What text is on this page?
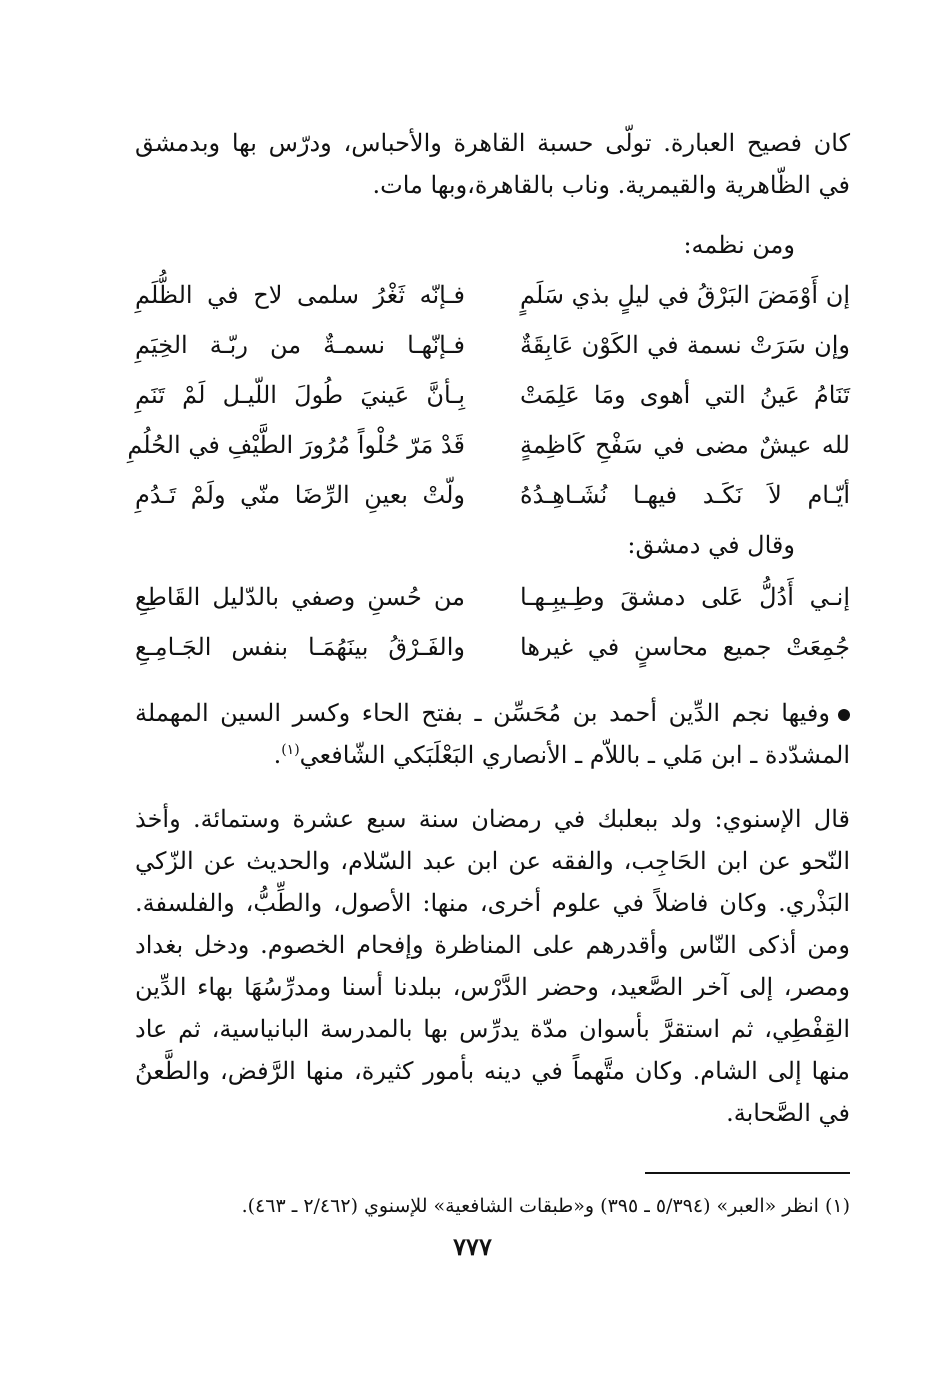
كان فصيح العبارة. تولّى حسبة القاهرة والأحباس، ودرّس بها وبدمشق في الظّاهرية والقيمرية. وناب بالقاهرة،وبها مات.
ومن نظمه:
إن أَوْمَضَ البَرْقُ في ليلٍ بذي سَلَمٍ
فـإنّه ثَغْرُ سلمى لاح في الظُّلَمِ
وإن سَرَتْ نسمة في الكَوْن عَابِقَةٌ
فـإنّهـا نسمـةٌ من ربّـة الخِيَمِ
تَنَامُ عَينُ التي أهوى ومَا عَلِمَتْ
بِـأنَّ عَينيَ طُولَ اللّيـل لَمْ تَنَمِ
لله عيشٌ مضى في سَفْحِ كَاظِمةٍ
قَدْ مَرّ حُلْواً مُرُورَ الطَّيْفِ في الحُلُمِ
أيّـام لاَ نَكَـد فيهـا نُشَـاهِـدُهُ
ولّتْ بعينِ الرِّضَا منّي ولَمْ تَـدُمِ
وقال في دمشق:
إنـي أَدُلُّ عَلى دمشقَ وطِـيبِـهـا
من حُسنِ وصفي بالدّليل القَاطِعِ
جُمِعَتْ جميع محاسنٍ في غيرها
والفَـرْقُ بينَهُمَـا بنفس الجَـامِـعِ
وفيها نجم الدِّين أحمد بن مُحَسِّن ـ بفتح الحاء وكسر السين المهملة المشدّدة ـ ابن مَلي ـ باللاّم ـ الأنصاري البَعْلَبَكي الشّافعي$^{(١)}$.
قال الإسنوي: ولد ببعلبك في رمضان سنة سبع عشرة وستمائة. وأخذ النّحو عن ابن الحَاجِب، والفقه عن ابن عبد السّلام، والحديث عن الزّكي البَذْري. وكان فاضلاً في علوم أخرى، منها: الأصول، والطِّبُّ، والفلسفة. ومن أذكى النّاس وأقدرهم على المناظرة وإفحام الخصوم. ودخل بغداد ومصر، إلى آخر الصَّعيد، وحضر الدَّرْس، ببلدنا أسنا ومدرِّسُهَا بهاء الدِّين القِفْطِي، ثم استقرَّ بأسوان مدّة يدرِّس بها بالمدرسة البانياسية، ثم عاد منها إلى الشام. وكان متَّهماً في دينه بأمور كثيرة، منها الرَّفض، والطَّعنُ في الصَّحابة.
(١) انظر «العبر» (٥/٣٩٤ ـ ٣٩٥) و«طبقات الشافعية» للإسنوي (٢/٤٦٢ ـ ٤٦٣).
٧٧٧
